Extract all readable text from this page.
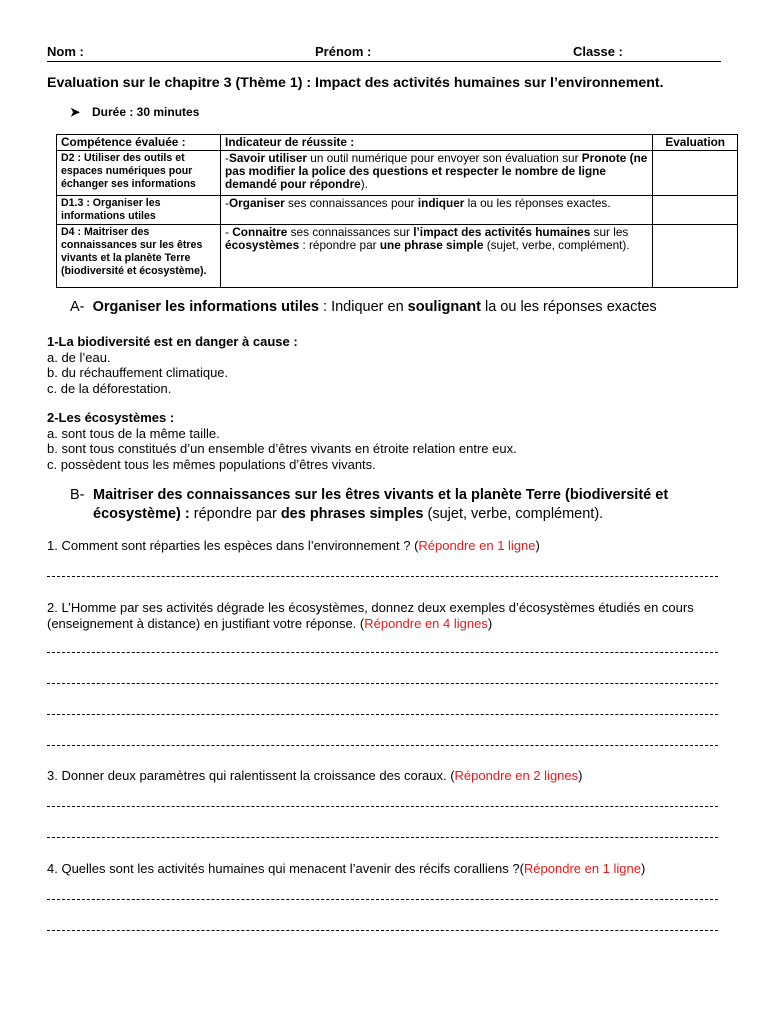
Nom :	Prénom :	Classe :
Evaluation sur le chapitre 3 (Thème 1) : Impact des activités humaines sur l’environnement.
➤ Durée : 30 minutes
Compétence évaluée :	Indicateur de réussite :	Evaluation
D2 : Utiliser des outils et espaces numériques pour échanger ses informations	-Savoir utiliser un outil numérique pour envoyer son évaluation sur Pronote (ne pas modifier la police des questions et respecter le nombre de ligne demandé pour répondre).	
D1.3 : Organiser les informations utiles	-Organiser ses connaissances pour indiquer la ou les réponses exactes.	
D4 : Maitriser des connaissances sur les êtres vivants et la planète Terre (biodiversité et écosystème).	- Connaitre ses connaissances sur l’impact des activités humaines sur les écosystèmes : répondre par une phrase simple (sujet, verbe, complément).	
A- Organiser les informations utiles : Indiquer en soulignant la ou les réponses exactes
1-La biodiversité est en danger à cause :
a. de l’eau.
b. du réchauffement climatique.
c. de la déforestation.
2-Les écosystèmes :
a. sont tous de la même taille.
b. sont tous constitués d’un ensemble d’êtres vivants en étroite relation entre eux.
c. possèdent tous les mêmes populations d’êtres vivants.
B- Maitriser des connaissances sur les êtres vivants et la planète Terre (biodiversité et écosystème) : répondre par des phrases simples (sujet, verbe, complément).
1. Comment sont réparties les espèces dans l’environnement ? (Répondre en 1 ligne)
2. L’Homme par ses activités dégrade les écosystèmes, donnez deux exemples d’écosystèmes étudiés en cours (enseignement à distance) en justifiant votre réponse. (Répondre en 4 lignes)
3. Donner deux paramètres qui ralentissent la croissance des coraux. (Répondre en 2 lignes)
4. Quelles sont les activités humaines qui menacent l’avenir des récifs coralliens ?(Répondre en 1 ligne)
